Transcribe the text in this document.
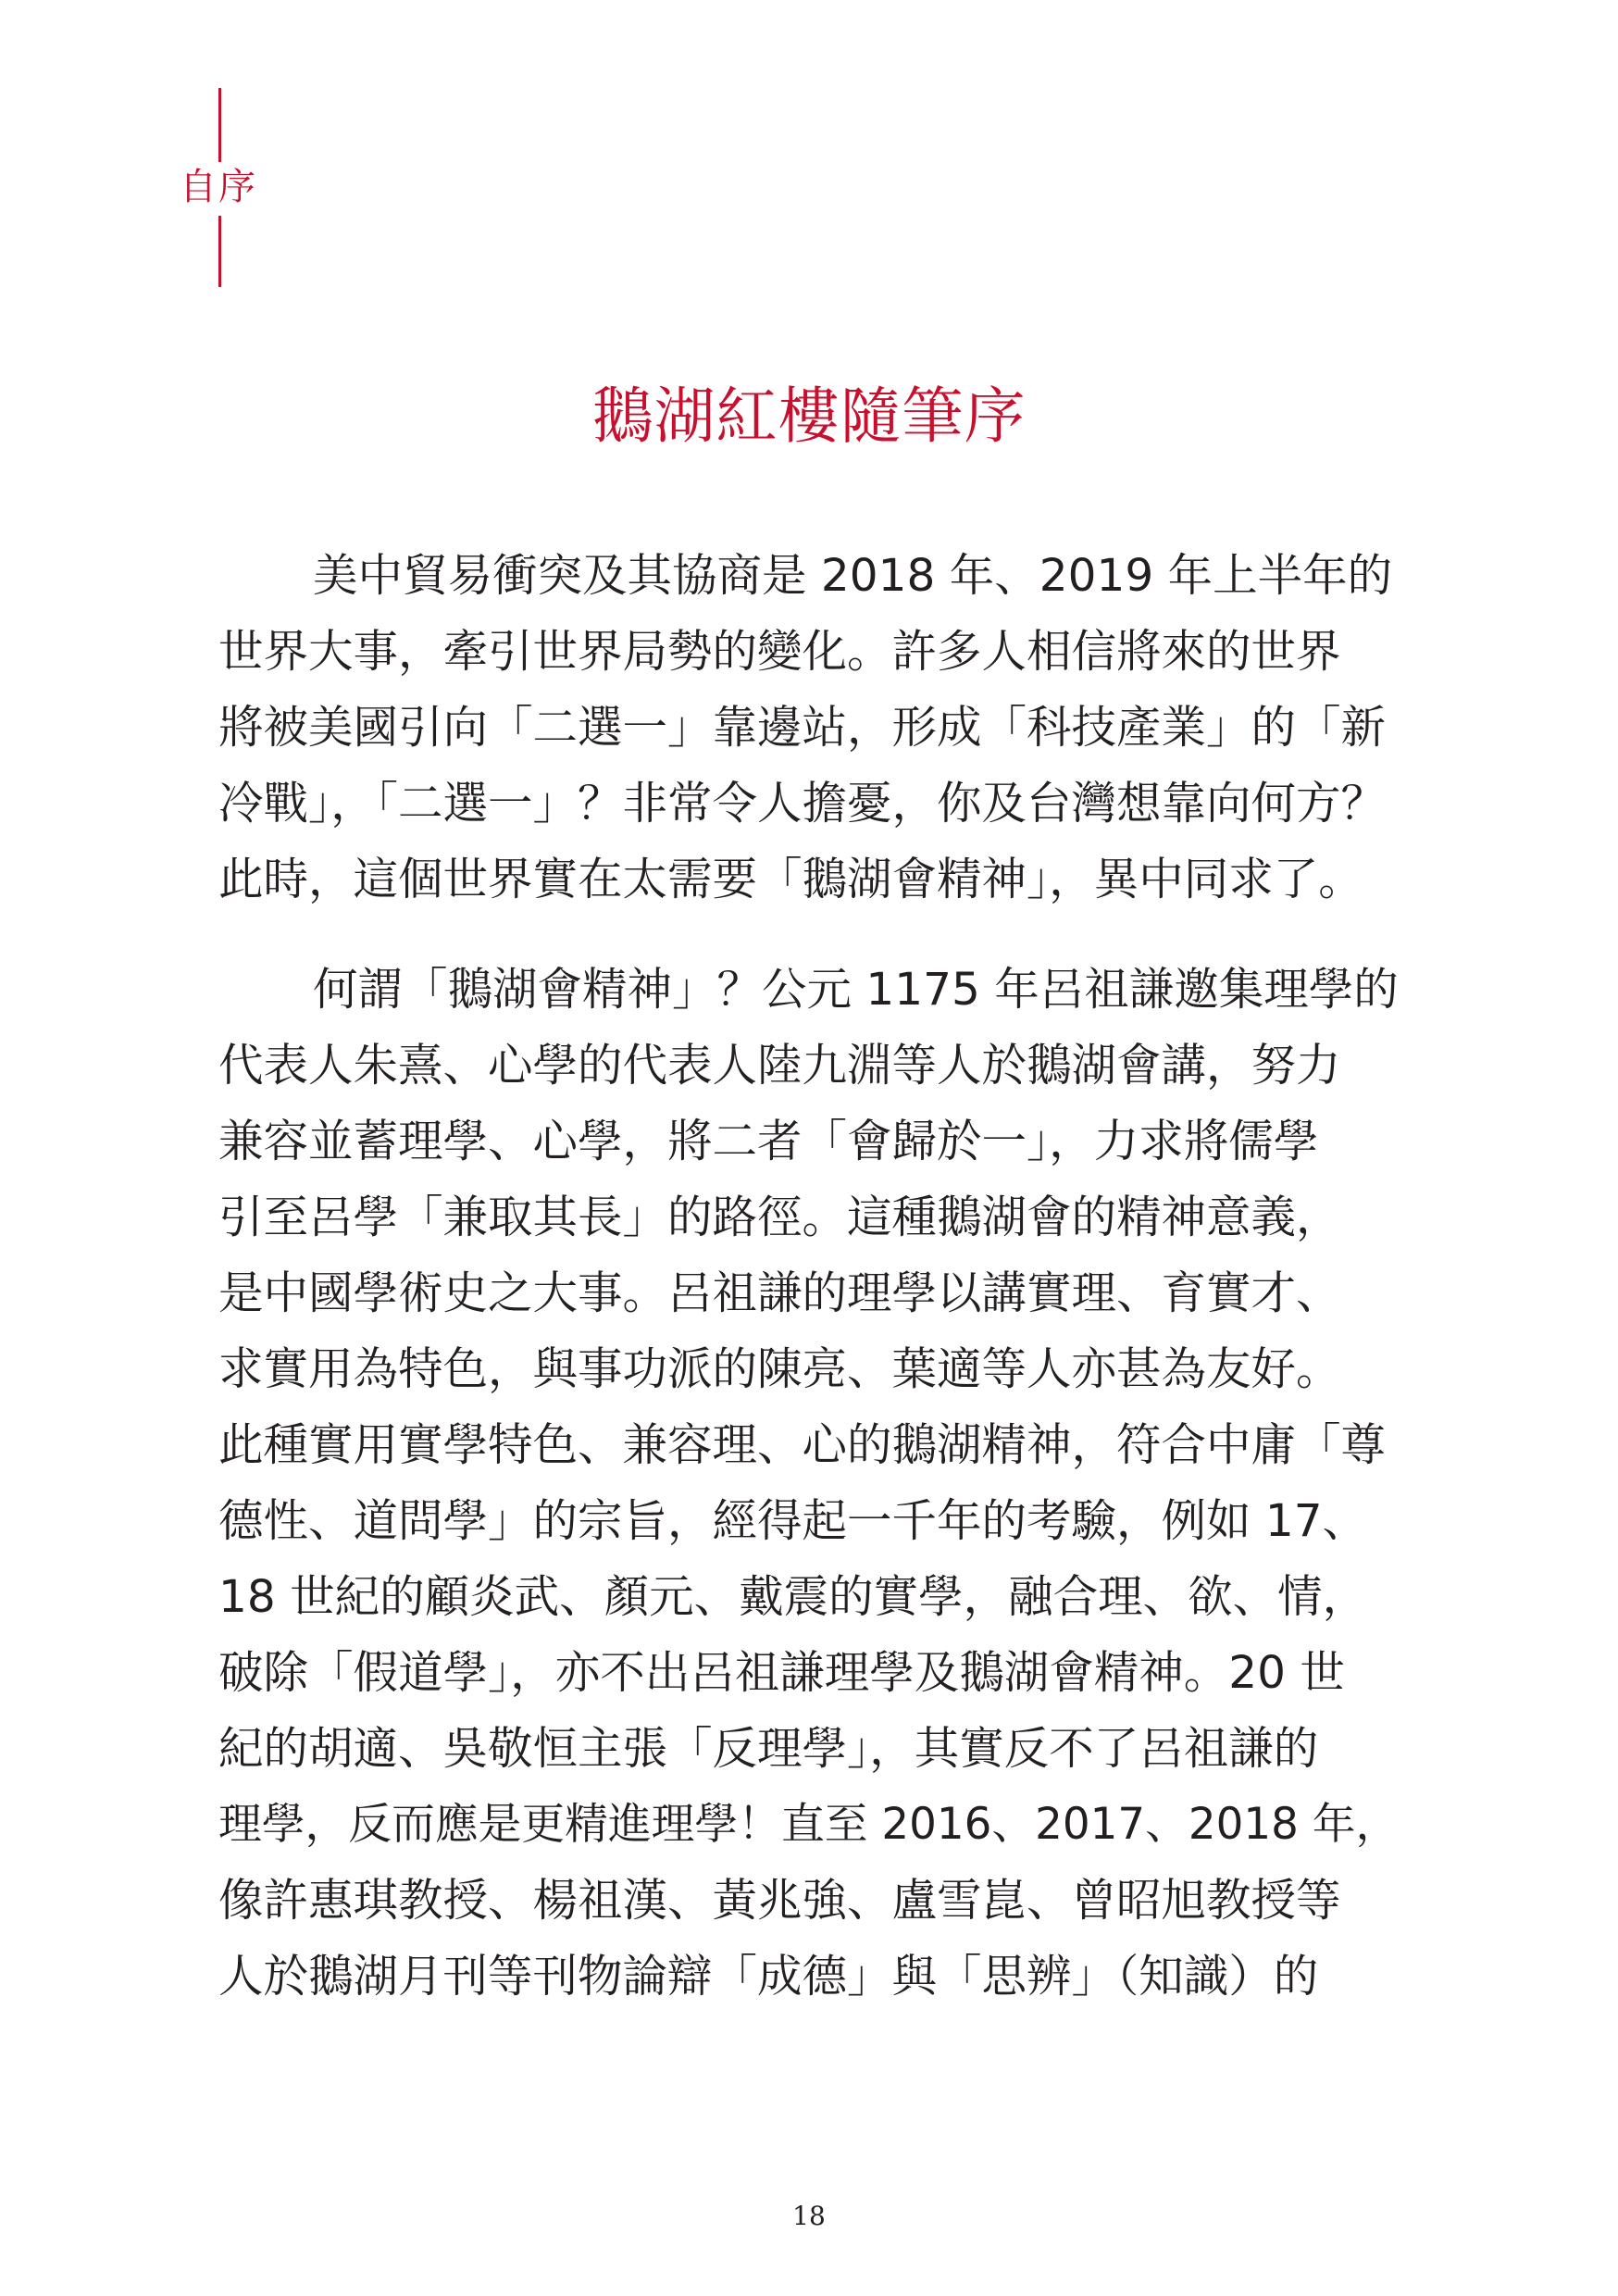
自序

鵝湖紅樓隨筆序

美中貿易衝突及其協商是 2018 年、2019 年上半年的

世界大事，牽引世界局勢的變化。許多人相信將來的世界

將被美國引向「二選一」靠邊站，形成「科技產業」的「新

冷戰」，「二選一」？非常令人擔憂，你及台灣想靠向何方？

此時，這個世界實在太需要「鵝湖會精神」，異中同求了。

何謂「鵝湖會精神」？公元 1175 年呂祖謙邀集理學的

代表人朱熹、心學的代表人陸九淵等人於鵝湖會講，努力

兼容並蓄理學、心學，將二者「會歸於一」，力求將儒學

引至呂學「兼取其長」的路徑。這種鵝湖會的精神意義，

是中國學術史之大事。呂祖謙的理學以講實理、育實才、

求實用為特色，與事功派的陳亮、葉適等人亦甚為友好。

此種實用實學特色、兼容理、心的鵝湖精神，符合中庸「尊

德性、道問學」的宗旨，經得起一千年的考驗，例如 17、

18 世紀的顧炎武、顏元、戴震的實學，融合理、欲、情，

破除「假道學」，亦不出呂祖謙理學及鵝湖會精神。20 世

紀的胡適、吳敬恒主張「反理學」，其實反不了呂祖謙的

理學，反而應是更精進理學！直至 2016、2017、2018 年，

像許惠琪教授、楊祖漢、黃兆強、盧雪崑、曾昭旭教授等

人於鵝湖月刊等刊物論辯「成德」與「思辨」（知識）的

18
